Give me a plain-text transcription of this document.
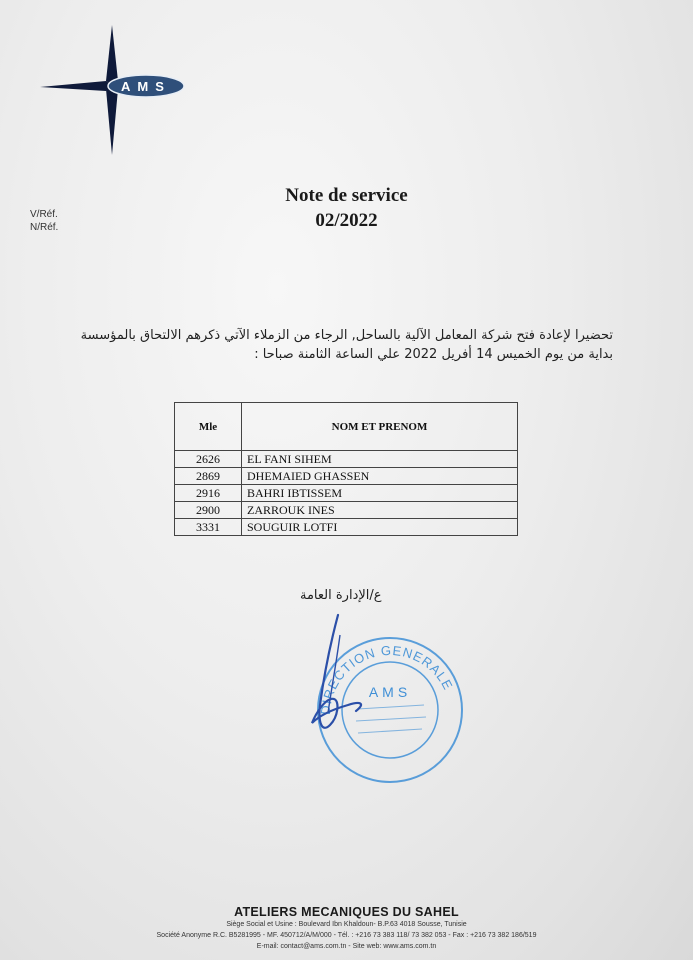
AMS
V/Réf.
N/Réf.
Note de service
02/2022
تحضيرا لإعادة فتح شركة المعامل الآلية بالساحل, الرجاء من الزملاء الآتي ذكرهم الالتحاق بالمؤسسة
بداية من يوم الخميس 14 أفريل 2022 علي الساعة الثامنة صباحا :
Mle	NOM ET PRENOM
2626	EL FANI SIHEM
2869	DHEMAIED GHASSEN
2916	BAHRI IBTISSEM
2900	ZARROUK INES
3331	SOUGUIR LOTFI
ع/الإدارة العامة
DIRECTION GENERALE
AMS
ATELIERS MECANIQUES DU SAHEL
Siège Social et Usine : Boulevard Ibn Khaldoun- B.P.63 4018 Sousse, Tunisie
Société Anonyme R.C. B5281995 - MF. 450712/A/M/000 - Tél. : +216 73 383 118/ 73 382 053 - Fax : +216 73 382 186/519
E-mail: contact@ams.com.tn - Site web: www.ams.com.tn
